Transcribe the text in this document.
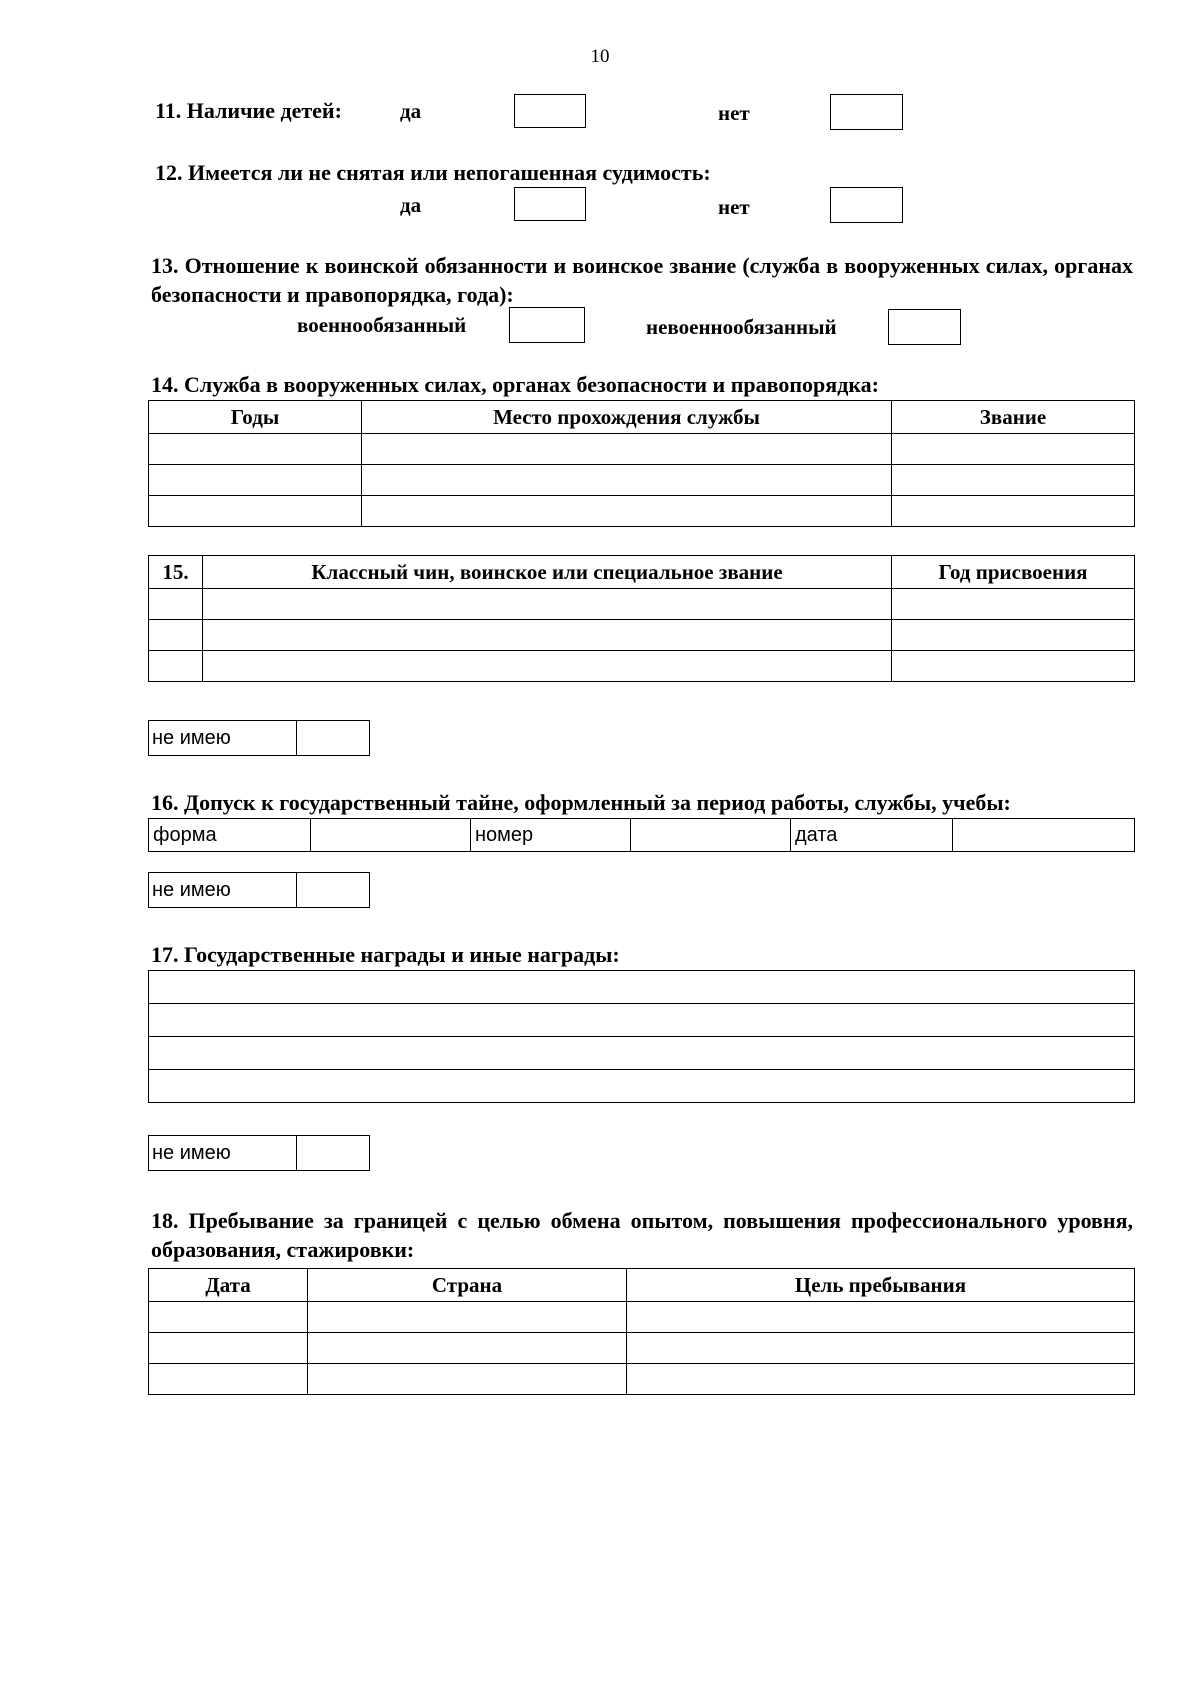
10
11. Наличие детей:	да	нет
12. Имеется ли не снятая или непогашенная судимость:
да	нет
13. Отношение к воинской обязанности и воинское звание (служба в вооруженных силах, органах безопасности и правопорядка, года):
военнообязанный	невоеннообязанный
14. Служба в вооруженных силах, органах безопасности и правопорядка:
Годы	Место прохождения службы	Звание

15.	Классный чин, воинское или специальное звание	Год присвоения

не имею
16. Допуск к государственный тайне, оформленный за период работы, службы, учебы:
форма		номер		дата	
не имею
17. Государственные награды и иные награды:

не имею
18. Пребывание за границей с целью обмена опытом, повышения профессионального уровня, образования, стажировки:
Дата	Страна	Цель пребывания
